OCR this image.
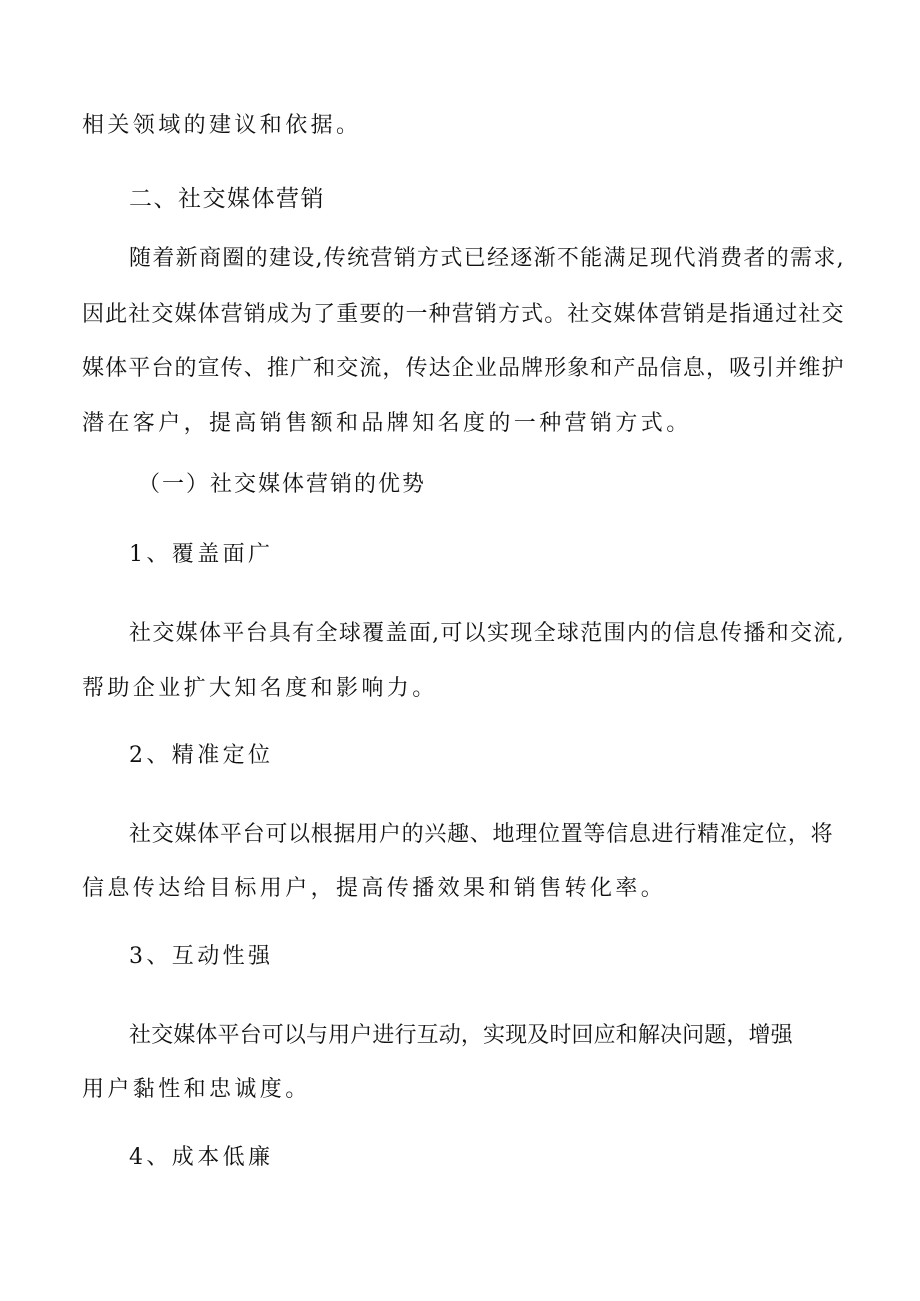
相关领域的建议和依据。
二、社交媒体营销
随 着 新 商 圈 的 建 设 , 传 统 营 销 方 式 已 经 逐 渐 不 能 满 足 现 代 消 费 者 的 需 求 ,
因 此 社 交 媒 体 营 销 成 为 了 重 要 的 一 种 营 销 方 式 。 社 交 媒 体 营 销 是 指 通 过 社 交
媒 体 平 台 的 宣 传 、 推 广 和 交 流 ， 传 达 企 业 品 牌 形 象 和 产 品 信 息 ， 吸 引 并 维 护
潜在客户，提高销售额和品牌知名度的一种营销方式。
（一）社交媒体营销的优势
1、覆盖面广
社 交 媒 体 平 台 具 有 全 球 覆 盖 面 , 可 以 实 现 全 球 范 围 内 的 信 息 传 播 和 交 流 ,
帮助企业扩大知名度和影响力。
2、精准定位
社 交 媒 体 平 台 可 以 根 据 用 户 的 兴 趣 、 地 理 位 置 等 信 息 进 行 精 准 定 位 ， 将
信息传达给目标用户，提高传播效果和销售转化率。
3、互动性强
社 交 媒 体 平 台 可 以 与 用 户 进 行 互 动 ， 实 现 及 时 回 应 和 解 决 问 题 ， 增 强
用户黏性和忠诚度。
4、成本低廉
